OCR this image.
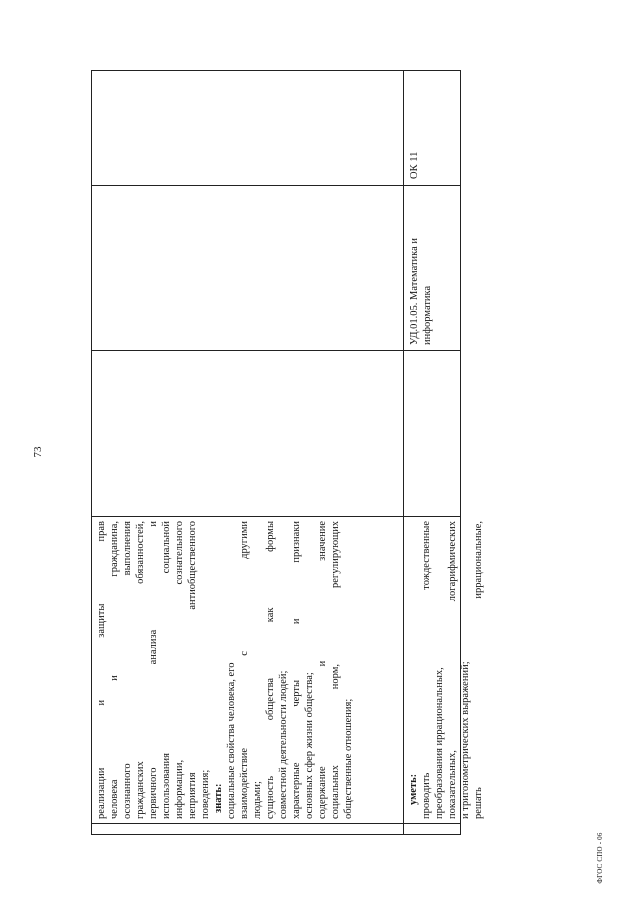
73
реализации и защиты прав человека и гражданина, осознанного выполнения гражданских обязанностей, первичного анализа и использования социальной информации, сознательного неприятия антиобщественного поведения; знать: социальные свойства человека, его взаимодействие с другими людьми; сущность общества как формы совместной деятельности людей; характерные черты и признаки основных сфер жизни общества; содержание и значение социальных норм, регулирующих общественные отношения;	уметь: проводить тождественные преобразования иррациональных, показательных, логарифмических и тригонометрических выражений; решать иррациональные,
УД.01.05. Математика и информатика
ОК 11
ФГОС СПО - 06
